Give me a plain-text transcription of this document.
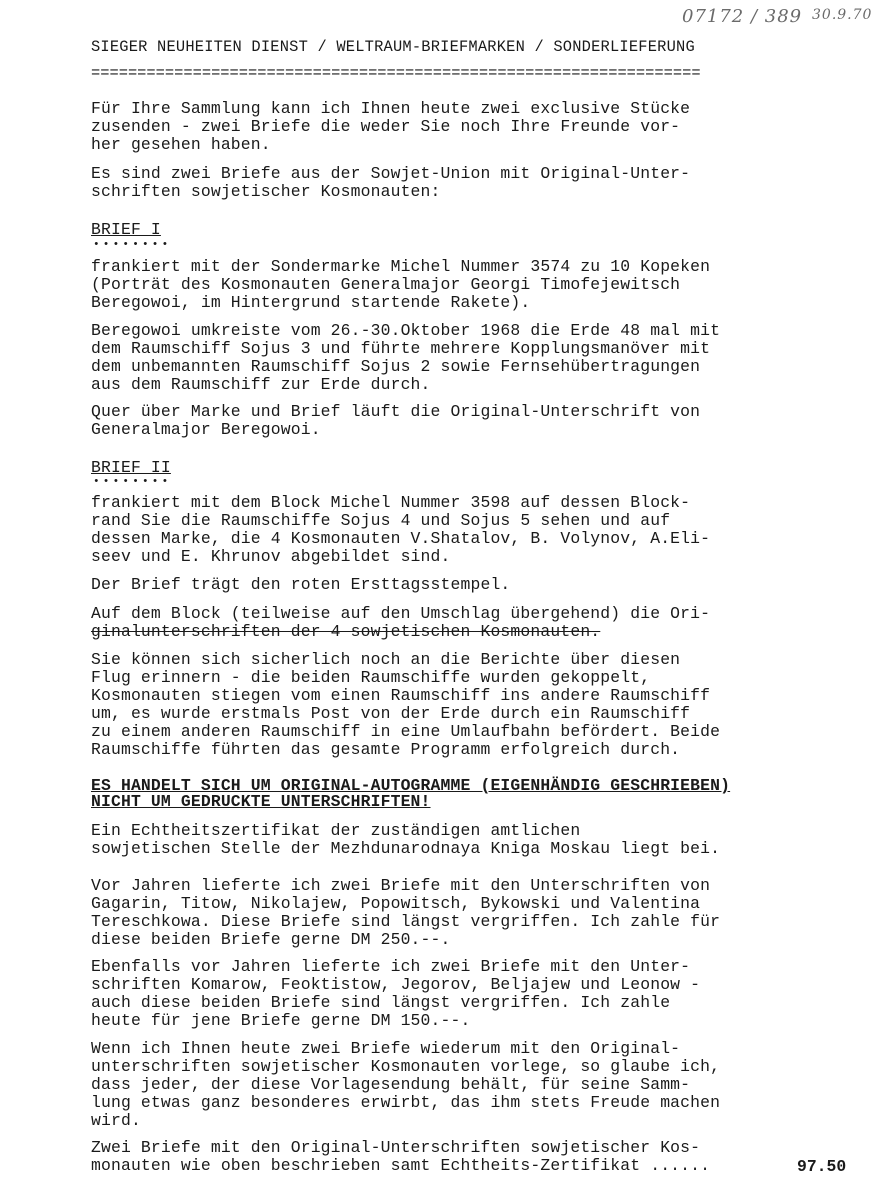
07172 / 389 30.9.70
SIEGER NEUHEITEN DIENST / WELTRAUM-BRIEFMARKEN / SONDERLIEFERUNG
==================================================================
Für Ihre Sammlung kann ich Ihnen heute zwei exclusive Stücke
zusenden - zwei Briefe die weder Sie noch Ihre Freunde vor-
her gesehen haben.
Es sind zwei Briefe aus der Sowjet-Union mit Original-Unter-
schriften sowjetischer Kosmonauten:
BRIEF I
••••••••
frankiert mit der Sondermarke Michel Nummer 3574 zu 10 Kopeken
(Porträt des Kosmonauten Generalmajor Georgi Timofejewitsch
Beregowoi, im Hintergrund startende Rakete).
Beregowoi umkreiste vom 26.-30.Oktober 1968 die Erde 48 mal mit
dem Raumschiff Sojus 3 und führte mehrere Kopplungsmanöver mit
dem unbemannten Raumschiff Sojus 2 sowie Fernsehübertragungen
aus dem Raumschiff zur Erde durch.
Quer über Marke und Brief läuft die Original-Unterschrift von
Generalmajor Beregowoi.
BRIEF II
••••••••
frankiert mit dem Block Michel Nummer 3598 auf dessen Block-
rand Sie die Raumschiffe Sojus 4 und Sojus 5 sehen und auf
dessen Marke, die 4 Kosmonauten V.Shatalov, B. Volynov, A.Eli-
seev und E. Khrunov abgebildet sind.
Der Brief trägt den roten Ersttagsstempel.
Auf dem Block (teilweise auf den Umschlag übergehend) die Ori-
ginalunterschriften der 4 sowjetischen Kosmonauten.
Sie können sich sicherlich noch an die Berichte über diesen
Flug erinnern - die beiden Raumschiffe wurden gekoppelt,
Kosmonauten stiegen vom einen Raumschiff ins andere Raumschiff
um, es wurde erstmals Post von der Erde durch ein Raumschiff
zu einem anderen Raumschiff in eine Umlaufbahn befördert. Beide
Raumschiffe führten das gesamte Programm erfolgreich durch.
ES HANDELT SICH UM ORIGINAL-AUTOGRAMME (EIGENHÄNDIG GESCHRIEBEN)
NICHT UM GEDRUCKTE UNTERSCHRIFTEN!
Ein Echtheitszertifikat der zuständigen amtlichen
sowjetischen Stelle der Mezhdunarodnaya Kniga Moskau liegt bei.
Vor Jahren lieferte ich zwei Briefe mit den Unterschriften von
Gagarin, Titow, Nikolajew, Popowitsch, Bykowski und Valentina
Tereschkowa. Diese Briefe sind längst vergriffen. Ich zahle für
diese beiden Briefe gerne DM 250.--.
Ebenfalls vor Jahren lieferte ich zwei Briefe mit den Unter-
schriften Komarow, Feoktistow, Jegorov, Beljajew und Leonow -
auch diese beiden Briefe sind längst vergriffen. Ich zahle
heute für jene Briefe gerne DM 150.--.
Wenn ich Ihnen heute zwei Briefe wiederum mit den Original-
unterschriften sowjetischer Kosmonauten vorlege, so glaube ich,
dass jeder, der diese Vorlagesendung behält, für seine Samm-
lung etwas ganz besonderes erwirbt, das ihm stets Freude machen
wird.
Zwei Briefe mit den Original-Unterschriften sowjetischer Kos-
monauten wie oben beschrieben samt Echtheits-Zertifikat ......	97.50
